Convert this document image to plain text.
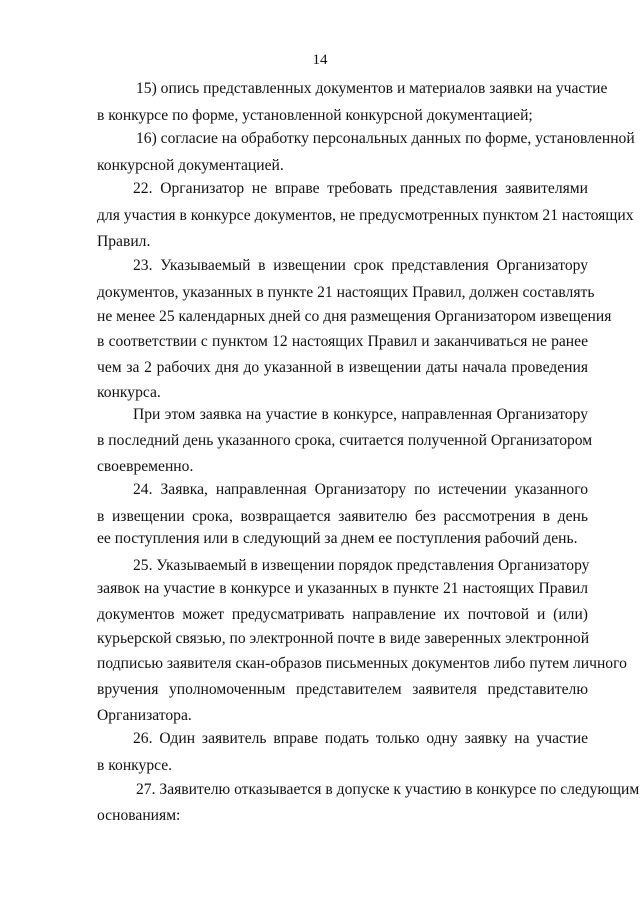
14
15) опись представленных документов и материалов заявки на участие
в конкурсе по форме, установленной конкурсной документацией;
16) согласие на обработку персональных данных по форме, установленной
конкурсной документацией.
22. Организатор не вправе требовать представления заявителями
для участия в конкурсе документов, не предусмотренных пунктом 21 настоящих
Правил.
23. Указываемый в извещении срок представления Организатору
документов, указанных в пункте 21 настоящих Правил, должен составлять
не менее 25 календарных дней со дня размещения Организатором извещения
в соответствии с пунктом 12 настоящих Правил и заканчиваться не ранее
чем за 2 рабочих дня до указанной в извещении даты начала проведения
конкурса.
При этом заявка на участие в конкурсе, направленная Организатору
в последний день указанного срока, считается полученной Организатором
своевременно.
24. Заявка, направленная Организатору по истечении указанного
в извещении срока, возвращается заявителю без рассмотрения в день
ее поступления или в следующий за днем ее поступления рабочий день.
25. Указываемый в извещении порядок представления Организатору
заявок на участие в конкурсе и указанных в пункте 21 настоящих Правил
документов может предусматривать направление их почтовой и (или)
курьерской связью, по электронной почте в виде заверенных электронной
подписью заявителя скан-образов письменных документов либо путем личного
вручения уполномоченным представителем заявителя представителю
Организатора.
26. Один заявитель вправе подать только одну заявку на участие
в конкурсе.
27. Заявителю отказывается в допуске к участию в конкурсе по следующим
основаниям:
